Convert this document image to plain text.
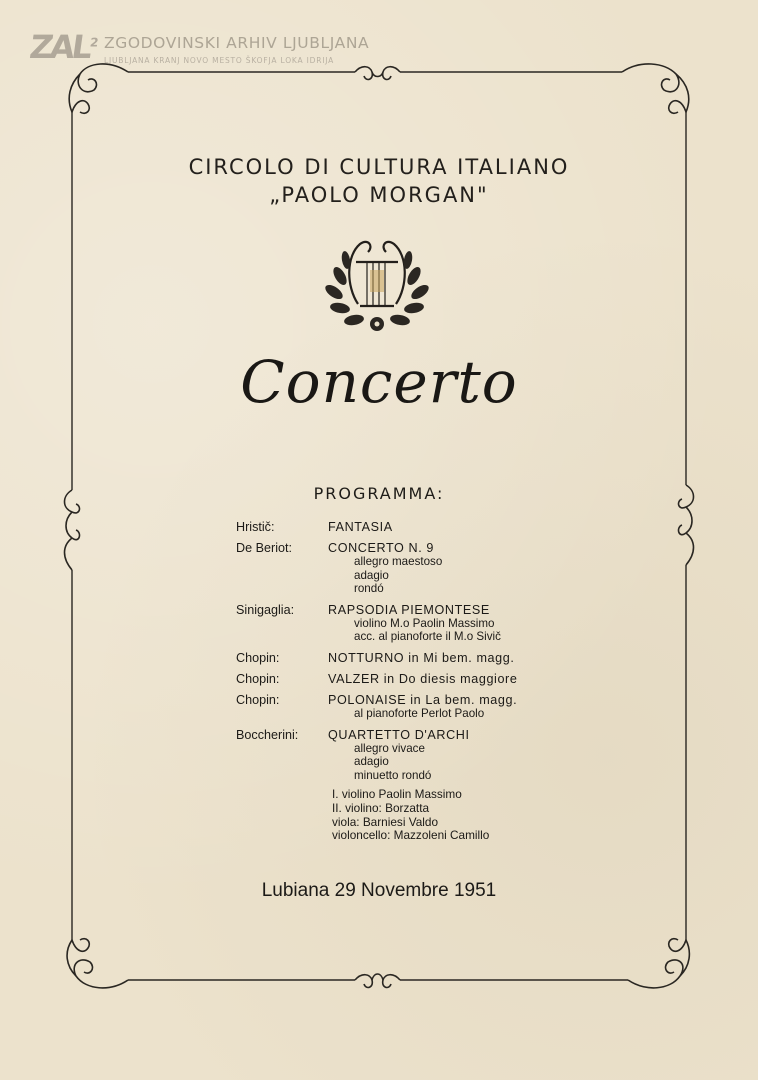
ZAL$^2$ ZGODOVINSKI ARHIV LJUBLJANA
LJUBLJANA KRANJ NOVO MESTO ŠKOFJA LOKA IDRIJA
CIRCOLO DI CULTURA ITALIANO
„PAOLO MORGAN"
Concerto
PROGRAMMA:
Hristič:	FANTASIA
De Beriot:	CONCERTO N. 9
allegro maestoso
adagio
rondó
Sinigaglia:	RAPSODIA PIEMONTESE
violino M.o Paolin Massimo
acc. al pianoforte il M.o Sivič
Chopin:	NOTTURNO in Mi bem. magg.
Chopin:	VALZER in Do diesis maggiore
Chopin:	POLONAISE in La bem. magg.
al pianoforte Perlot Paolo
Boccherini:	QUARTETTO D'ARCHI
allegro vivace
adagio
minuetto rondó
I. violino Paolin Massimo
II. violino: Borzatta
viola: Barniesi Valdo
violoncello: Mazzoleni Camillo
Lubiana 29 Novembre 1951
